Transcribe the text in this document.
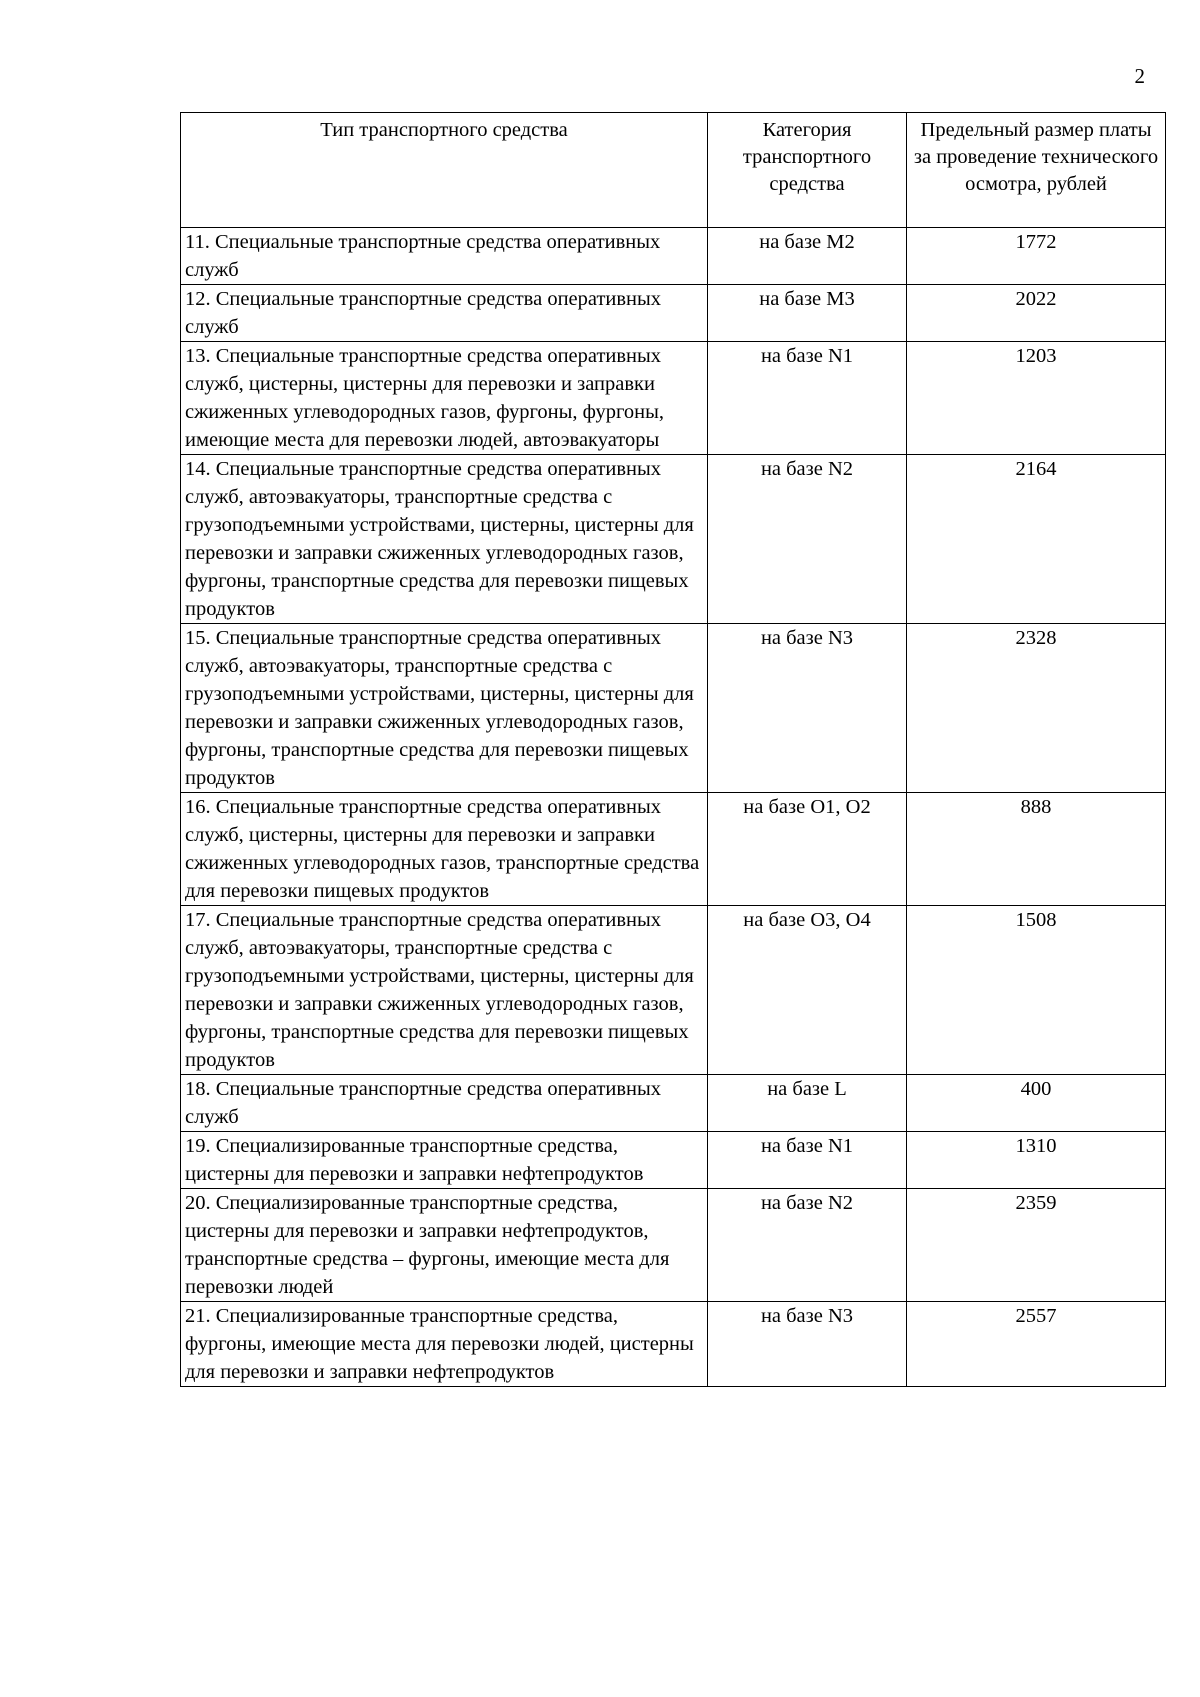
2
Тип транспортного средства	Категория транспортного средства	Предельный размер платы за проведение технического осмотра, рублей
11. Специальные транспортные средства оперативных служб	на базе M2	1772
12. Специальные транспортные средства оперативных служб	на базе M3	2022
13. Специальные транспортные средства оперативных служб, цистерны, цистерны для перевозки и заправки сжиженных углеводородных газов, фургоны, фургоны, имеющие места для перевозки людей, автоэвакуаторы	на базе N1	1203
14. Специальные транспортные средства оперативных служб, автоэвакуаторы, транспортные средства с грузоподъемными устройствами, цистерны, цистерны для перевозки и заправки сжиженных углеводородных газов, фургоны, транспортные средства для перевозки пищевых продуктов	на базе N2	2164
15. Специальные транспортные средства оперативных служб, автоэвакуаторы, транспортные средства с грузоподъемными устройствами, цистерны, цистерны для перевозки и заправки сжиженных углеводородных газов, фургоны, транспортные средства для перевозки пищевых продуктов	на базе N3	2328
16. Специальные транспортные средства оперативных служб, цистерны, цистерны для перевозки и заправки сжиженных углеводородных газов, транспортные средства для перевозки пищевых продуктов	на базе O1, O2	888
17. Специальные транспортные средства оперативных служб, автоэвакуаторы, транспортные средства с грузоподъемными устройствами, цистерны, цистерны для перевозки и заправки сжиженных углеводородных газов, фургоны, транспортные средства для перевозки пищевых продуктов	на базе O3, O4	1508
18. Специальные транспортные средства оперативных служб	на базе L	400
19. Специализированные транспортные средства, цистерны для перевозки и заправки нефтепродуктов	на базе N1	1310
20. Специализированные транспортные средства, цистерны для перевозки и заправки нефтепродуктов, транспортные средства – фургоны, имеющие места для перевозки людей	на базе N2	2359
21. Специализированные транспортные средства, фургоны, имеющие места для перевозки людей, цистерны для перевозки и заправки нефтепродуктов	на базе N3	2557
